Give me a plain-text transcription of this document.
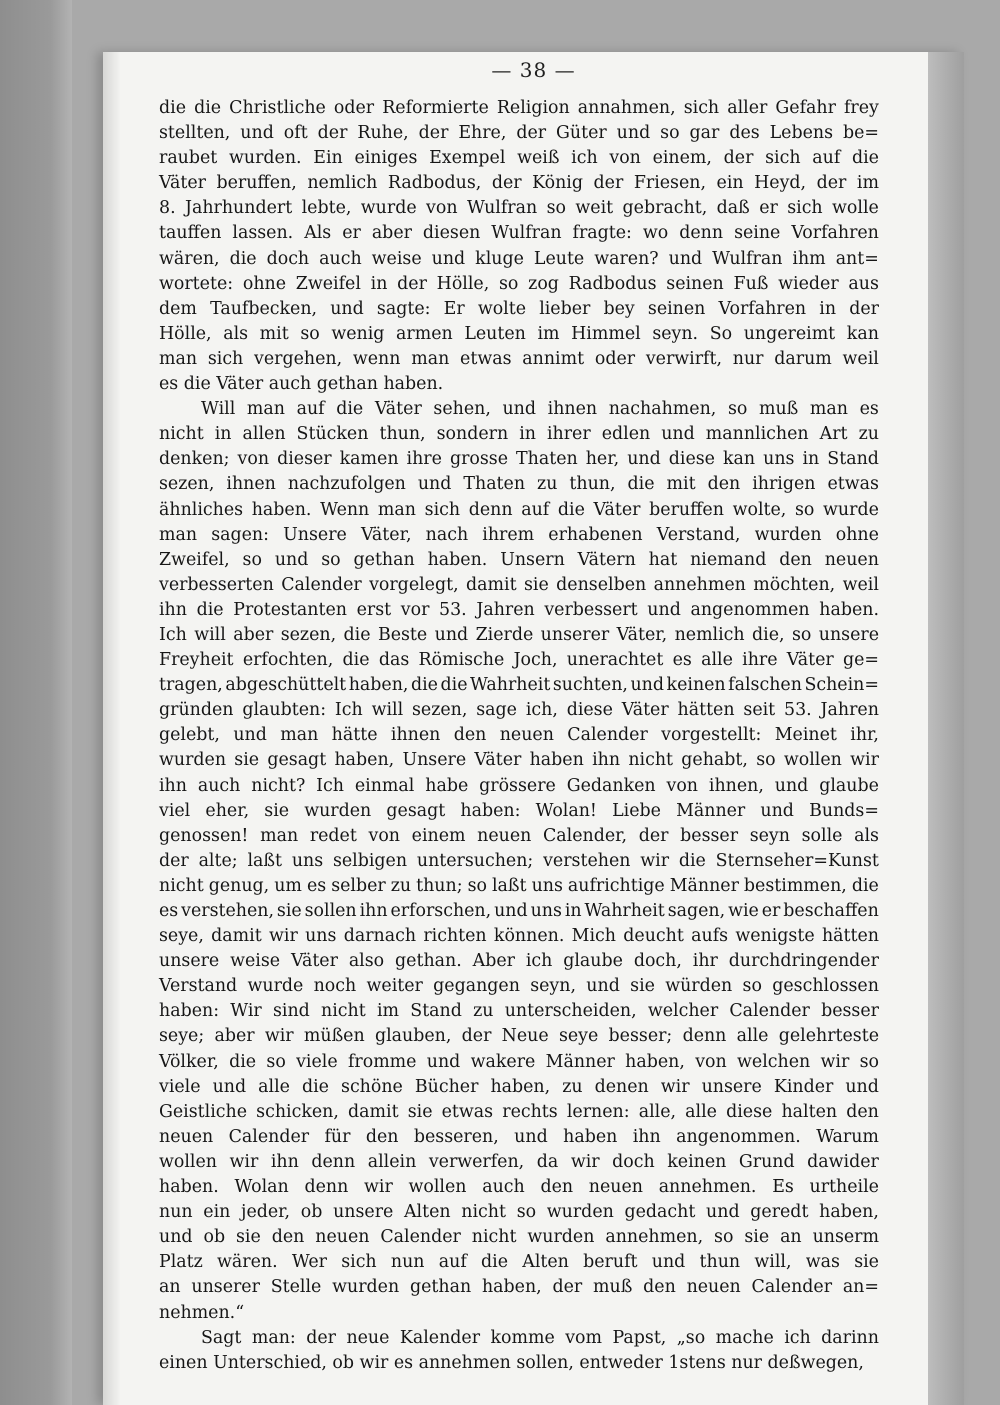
— 38 —
die die Christliche oder Reformierte Religion annahmen, sich aller Gefahr frey
stellten, und oft der Ruhe, der Ehre, der Güter und so gar des Lebens be=
raubet wurden. Ein einiges Exempel weiß ich von einem, der sich auf die
Väter beruffen, nemlich Radbodus, der König der Friesen, ein Heyd, der im
8. Jahrhundert lebte, wurde von Wulfran so weit gebracht, daß er sich wolle
tauffen lassen. Als er aber diesen Wulfran fragte: wo denn seine Vorfahren
wären, die doch auch weise und kluge Leute waren? und Wulfran ihm ant=
wortete: ohne Zweifel in der Hölle, so zog Radbodus seinen Fuß wieder aus
dem Taufbecken, und sagte: Er wolte lieber bey seinen Vorfahren in der
Hölle, als mit so wenig armen Leuten im Himmel seyn. So ungereimt kan
man sich vergehen, wenn man etwas annimt oder verwirft, nur darum weil
es die Väter auch gethan haben.
Will man auf die Väter sehen, und ihnen nachahmen, so muß man es
nicht in allen Stücken thun, sondern in ihrer edlen und mannlichen Art zu
denken; von dieser kamen ihre grosse Thaten her, und diese kan uns in Stand
sezen, ihnen nachzufolgen und Thaten zu thun, die mit den ihrigen etwas
ähnliches haben. Wenn man sich denn auf die Väter beruffen wolte, so wurde
man sagen: Unsere Väter, nach ihrem erhabenen Verstand, wurden ohne
Zweifel, so und so gethan haben. Unsern Vätern hat niemand den neuen
verbesserten Calender vorgelegt, damit sie denselben annehmen möchten, weil
ihn die Protestanten erst vor 53. Jahren verbessert und angenommen haben.
Ich will aber sezen, die Beste und Zierde unserer Väter, nemlich die, so unsere
Freyheit erfochten, die das Römische Joch, unerachtet es alle ihre Väter ge=
tragen, abgeschüttelt haben, die die Wahrheit suchten, und keinen falschen Schein=
gründen glaubten: Ich will sezen, sage ich, diese Väter hätten seit 53. Jahren
gelebt, und man hätte ihnen den neuen Calender vorgestellt: Meinet ihr,
wurden sie gesagt haben, Unsere Väter haben ihn nicht gehabt, so wollen wir
ihn auch nicht? Ich einmal habe grössere Gedanken von ihnen, und glaube
viel eher, sie wurden gesagt haben: Wolan! Liebe Männer und Bunds=
genossen! man redet von einem neuen Calender, der besser seyn solle als
der alte; laßt uns selbigen untersuchen; verstehen wir die Sternseher=Kunst
nicht genug, um es selber zu thun; so laßt uns aufrichtige Männer bestimmen, die
es verstehen, sie sollen ihn erforschen, und uns in Wahrheit sagen, wie er beschaffen
seye, damit wir uns darnach richten können. Mich deucht aufs wenigste hätten
unsere weise Väter also gethan. Aber ich glaube doch, ihr durchdringender
Verstand wurde noch weiter gegangen seyn, und sie würden so geschlossen
haben: Wir sind nicht im Stand zu unterscheiden, welcher Calender besser
seye; aber wir müßen glauben, der Neue seye besser; denn alle gelehrteste
Völker, die so viele fromme und wakere Männer haben, von welchen wir so
viele und alle die schöne Bücher haben, zu denen wir unsere Kinder und
Geistliche schicken, damit sie etwas rechts lernen: alle, alle diese halten den
neuen Calender für den besseren, und haben ihn angenommen. Warum
wollen wir ihn denn allein verwerfen, da wir doch keinen Grund dawider
haben. Wolan denn wir wollen auch den neuen annehmen. Es urtheile
nun ein jeder, ob unsere Alten nicht so wurden gedacht und geredt haben,
und ob sie den neuen Calender nicht wurden annehmen, so sie an unserm
Platz wären. Wer sich nun auf die Alten beruft und thun will, was sie
an unserer Stelle wurden gethan haben, der muß den neuen Calender an=
nehmen.“
Sagt man: der neue Kalender komme vom Papst, „so mache ich darinn
einen Unterschied, ob wir es annehmen sollen, entweder 1stens nur deßwegen,
